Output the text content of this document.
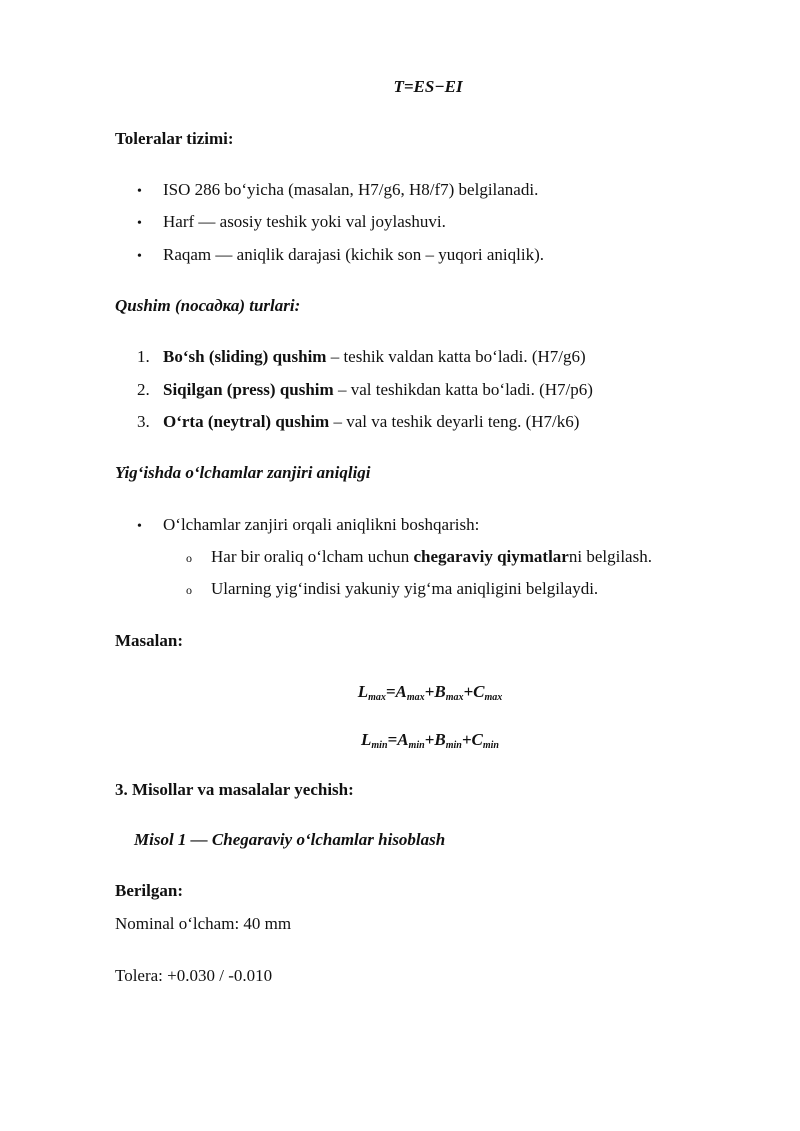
T=ES−EI
Toleralar tizimi:
•	ISO 286 bo‘yicha (masalan, H7/g6, H8/f7) belgilanadi.
•	Harf — asosiy teshik yoki val joylashuvi.
•	Raqam — aniqlik darajasi (kichik son – yuqori aniqlik).
Qushim (посадка) turlari:
1. Bo‘sh (sliding) qushim – teshik valdan katta bo‘ladi. (H7/g6)
2. Siqilgan (press) qushim – val teshikdan katta bo‘ladi. (H7/p6)
3. O‘rta (neytral) qushim – val va teshik deyarli teng. (H7/k6)
Yig‘ishda o‘lchamlar zanjiri aniqligi
•	O‘lchamlar zanjiri orqali aniqlikni boshqarish:
o	Har bir oraliq o‘lcham uchun chegaraviy qiymatlarni belgilash.
o	Ularning yig‘indisi yakuniy yig‘ma aniqligini belgilaydi.
Masalan:
$L_{max}=A_{max}+B_{max}+C_{max}$
$L_{min}=A_{min}+B_{min}+C_{min}$
3. Misollar va masalalar yechish:
Misol 1 — Chegaraviy o‘lchamlar hisoblash
Berilgan:
Nominal o‘lcham: 40 mm
Tolera: +0.030 / -0.010
